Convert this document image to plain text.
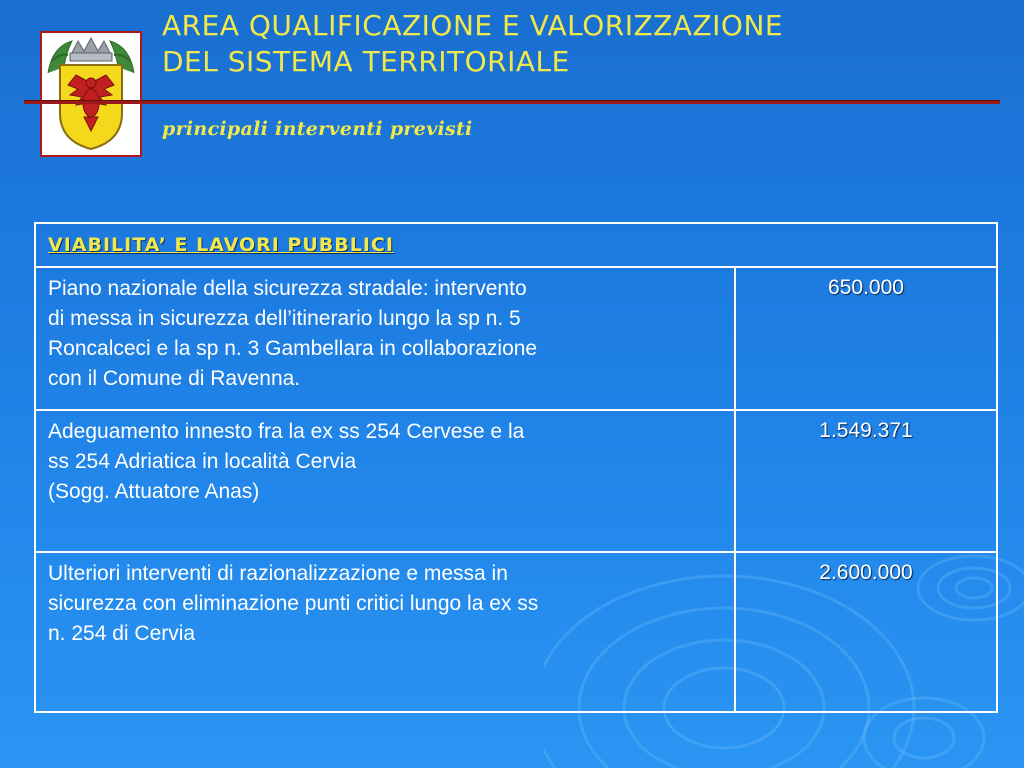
AREA QUALIFICAZIONE E VALORIZZAZIONE
DEL SISTEMA TERRITORIALE

principali interventi previsti

VIABILITA’ E LAVORI PUBBLICI	

Piano nazionale della sicurezza stradale: intervento
di messa in sicurezza dell’itinerario lungo la sp n. 5
Roncalceci e la sp n. 3 Gambellara in collaborazione
con il Comune di Ravenna.	650.000

Adeguamento innesto fra la ex ss 254 Cervese e la
ss 254 Adriatica in località Cervia
(Sogg. Attuatore Anas)	1.549.371

Ulteriori interventi di razionalizzazione e messa in
sicurezza con eliminazione punti critici lungo la ex ss
n. 254 di Cervia	2.600.000
